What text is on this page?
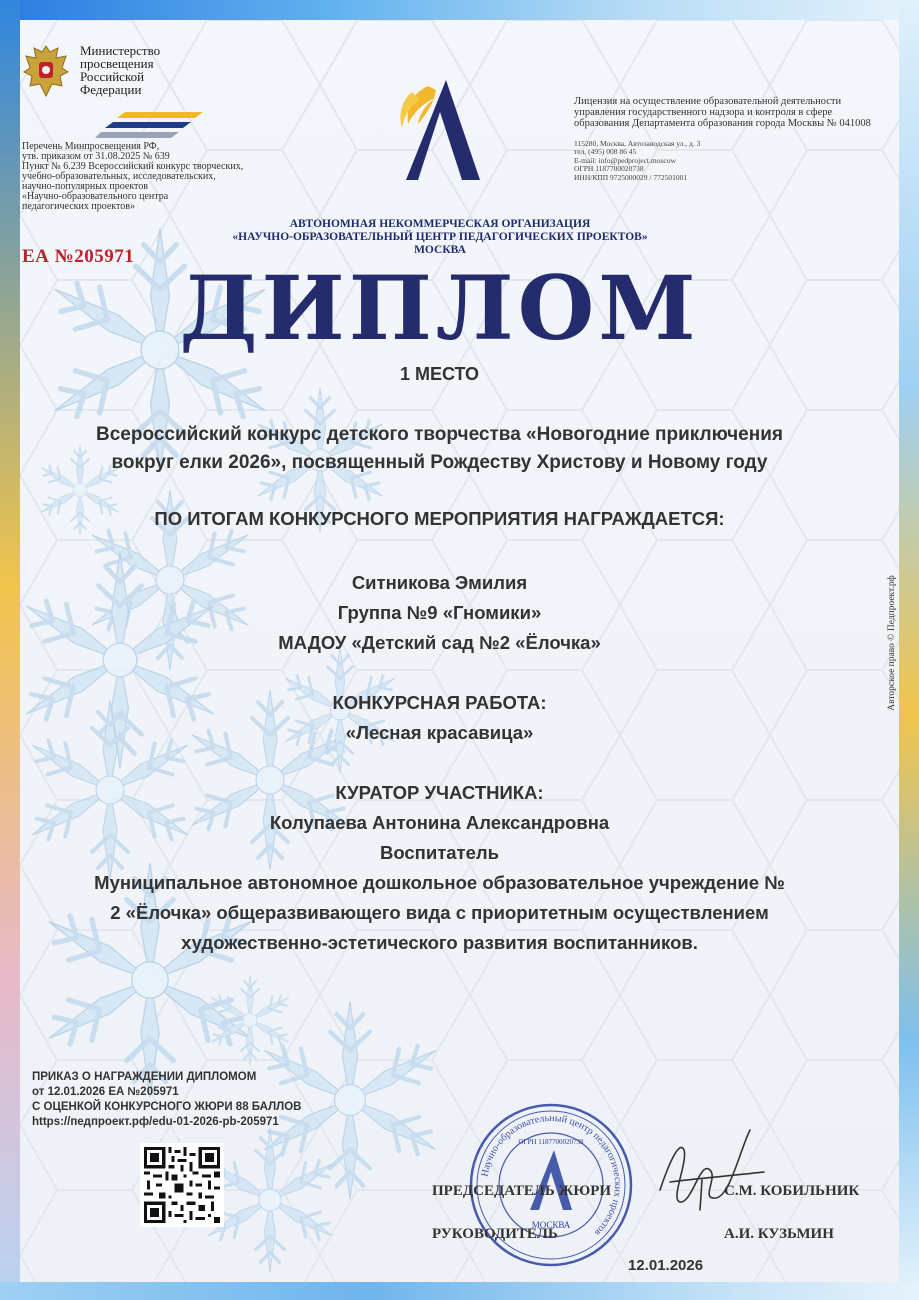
Министерство
просвещения
Российской
Федерации
Перечень Минпросвещения РФ,
утв. приказом от 31.08.2025 № 639
Пункт № 6.239 Всероссийский конкурс творческих,
учебно-образовательных, исследовательских,
научно-популярных проектов
«Научно-образовательного центра
педагогических проектов»
ЕА №205971
АВТОНОМНАЯ НЕКОММЕРЧЕСКАЯ ОРГАНИЗАЦИЯ
«НАУЧНО-ОБРАЗОВАТЕЛЬНЫЙ ЦЕНТР ПЕДАГОГИЧЕСКИХ ПРОЕКТОВ»
МОСКВА
Лицензия на осуществление образовательной деятельности
управления государственного надзора и контроля в сфере
образования Департамента образования города Москвы № 041008
115280, Москва, Автозаводская ул., д. 3
тел. (495) 008 86 45
E-mail: info@pedproject.moscow
ОГРН 1187700020738
ИНН/КПП 9725000029 / 772501001
ДИПЛОМ
1 МЕСТО
Всероссийский конкурс детского творчества «Новогодние приключения
вокруг елки 2026», посвященный Рождеству Христову и Новому году
ПО ИТОГАМ КОНКУРСНОГО МЕРОПРИЯТИЯ НАГРАЖДАЕТСЯ:
Ситникова Эмилия
Группа №9 «Гномики»
МАДОУ «Детский сад №2 «Ёлочка»
КОНКУРСНАЯ РАБОТА:
«Лесная красавица»
КУРАТОР УЧАСТНИКА:
Колупаева Антонина Александровна
Воспитатель
Муниципальное автономное дошкольное образовательное учреждение №
2 «Ёлочка» общеразвивающего вида с приоритетным осуществлением
художественно-эстетического развития воспитанников.
ПРИКАЗ О НАГРАЖДЕНИИ ДИПЛОМОМ
от 12.01.2026 ЕА №205971
С ОЦЕНКОЙ КОНКУРСНОГО ЖЮРИ 88 БАЛЛОВ
https://педпроект.рф/edu-01-2026-pb-205971
Научно-образовательный центр педагогических проектов
МОСКВА
ОГРН 1187700020738
ПРЕДСЕДАТЕЛЬ ЖЮРИ	С.М. КОБИЛЬНИК
РУКОВОДИТЕЛЬ	А.И. КУЗЬМИН
12.01.2026
Авторское право © Педпроект.рф
